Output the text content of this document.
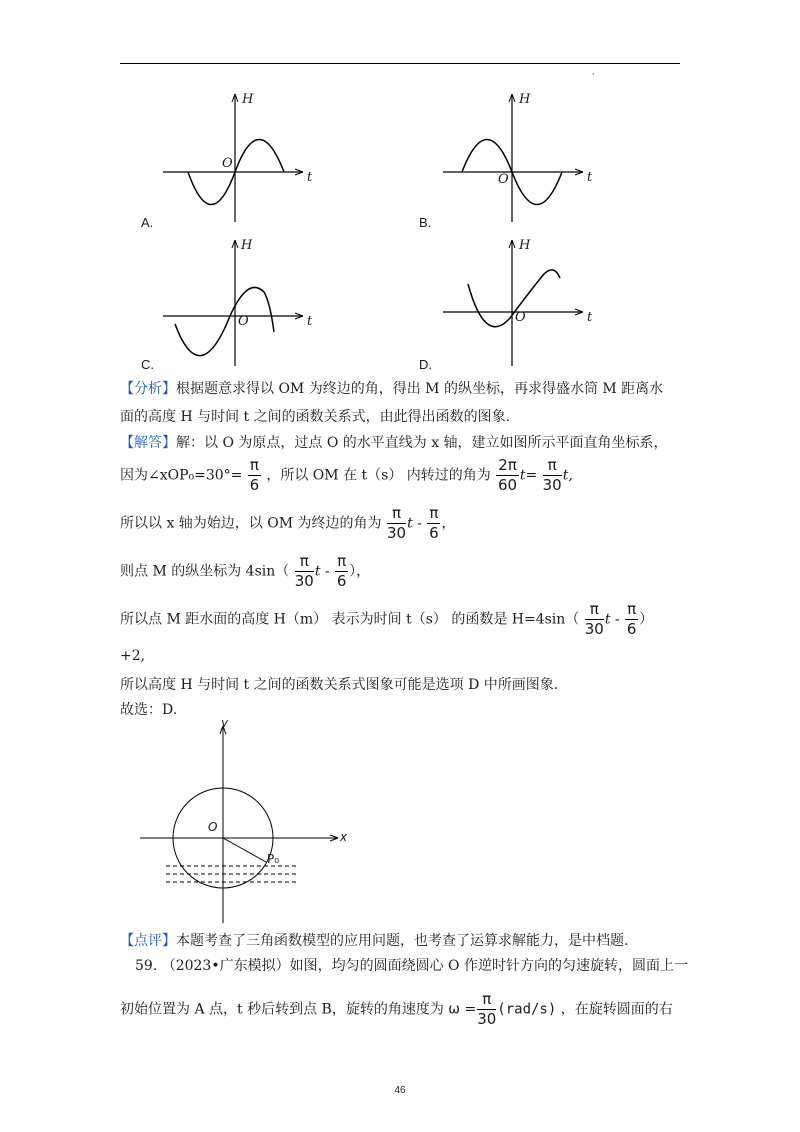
·
H
t
O
A.
H
t
O
B.
H
t
O
C.
H
t
O
D.
【分析】根据题意求得以 OM 为终边的角，得出 M 的纵坐标，再求得盛水筒 M 距离水
面的高度 H 与时间 t 之间的函数关系式，由此得出函数的图象.
【解答】解：以 O 为原点，过点 O 的水平直线为 x 轴，建立如图所示平面直角坐标系，
因为∠xOP₀=30°= $\frac{\pi}{6}$ ，所以 OM 在 t（s） 内转过的角为 $\frac{2\pi}{60} t= \frac{\pi}{30} t$,
所以以 x 轴为始边，以 OM 为终边的角为 $\frac{\pi}{30}$ t - $\frac{\pi}{6}$ ，
则点 M 的纵坐标为 $4\sin( \frac{\pi}{30}$ t - $\frac{\pi}{6}$ ），
所以点 M 距水面的高度 H（m） 表示为时间 t（s） 的函数是 $H=4\sin( \frac{\pi}{30}$ t - $\frac{\pi}{6}$ ）
+2,
所以高度 H 与时间 t 之间的函数关系式图象可能是选项 D 中所画图象.
故选：D.
y
x
O
P₀
【点评】本题考查了三角函数模型的应用问题，也考查了运算求解能力，是中档题.
59. （2023•广东模拟）如图，均匀的圆面绕圆心 O 作逆时针方向的匀速旋转，圆面上一
初始位置为 A 点，t 秒后转到点 B，旋转的角速度为 $\omega = \frac{\pi}{30} (rad/s)$ ，在旋转圆面的右
46
